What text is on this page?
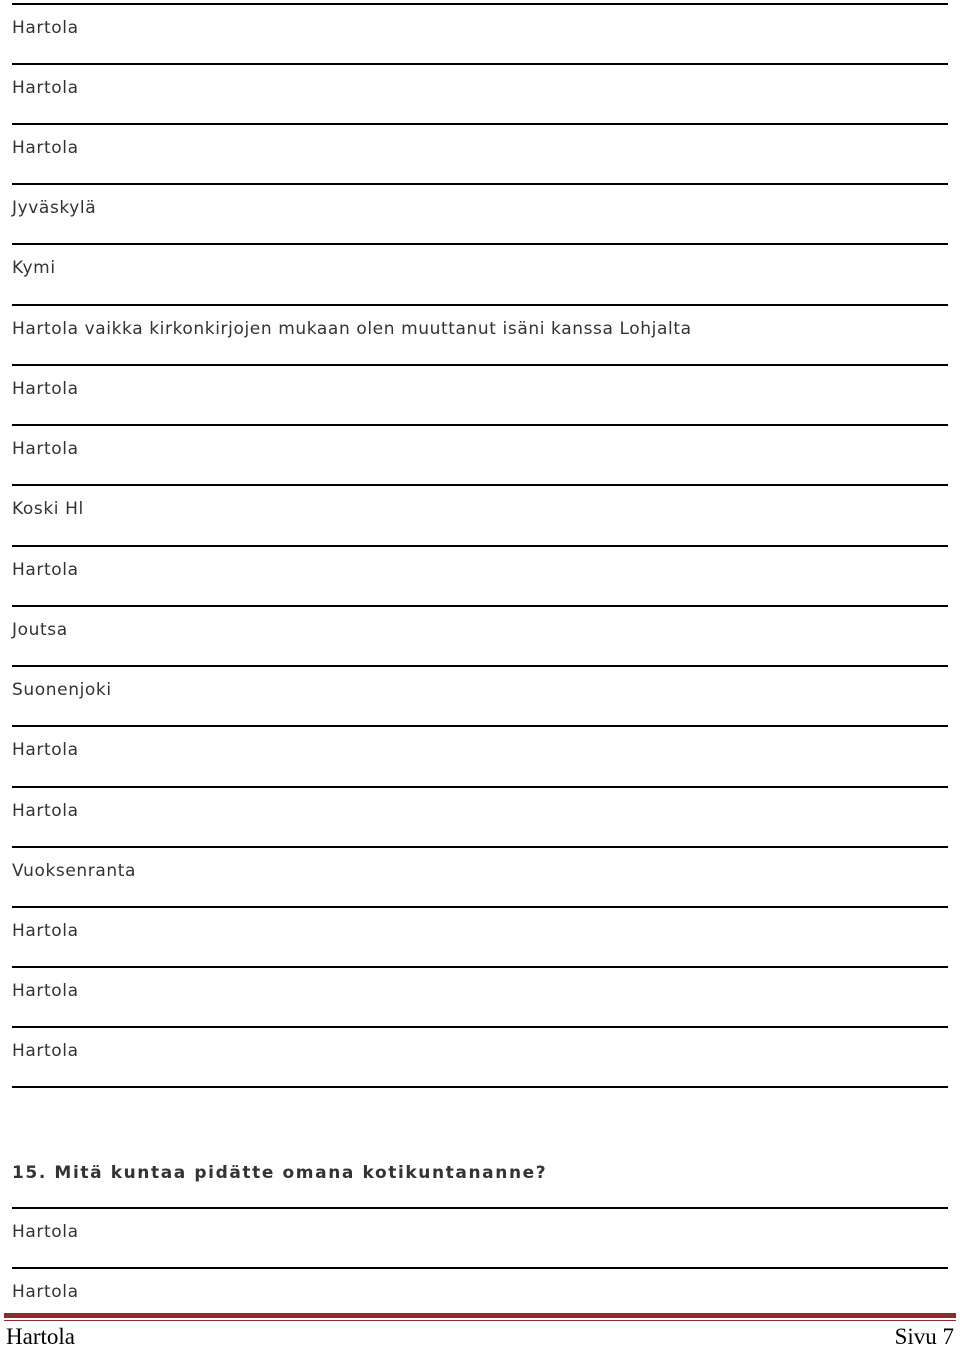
Hartola
Hartola
Hartola
Jyväskylä
Kymi
Hartola vaikka kirkonkirjojen mukaan olen muuttanut isäni kanssa Lohjalta
Hartola
Hartola
Koski Hl
Hartola
Joutsa
Suonenjoki
Hartola
Hartola
Vuoksenranta
Hartola
Hartola
Hartola
15. Mitä kuntaa pidätte omana kotikuntananne?
Hartola
Hartola
Hartola	Sivu 7
